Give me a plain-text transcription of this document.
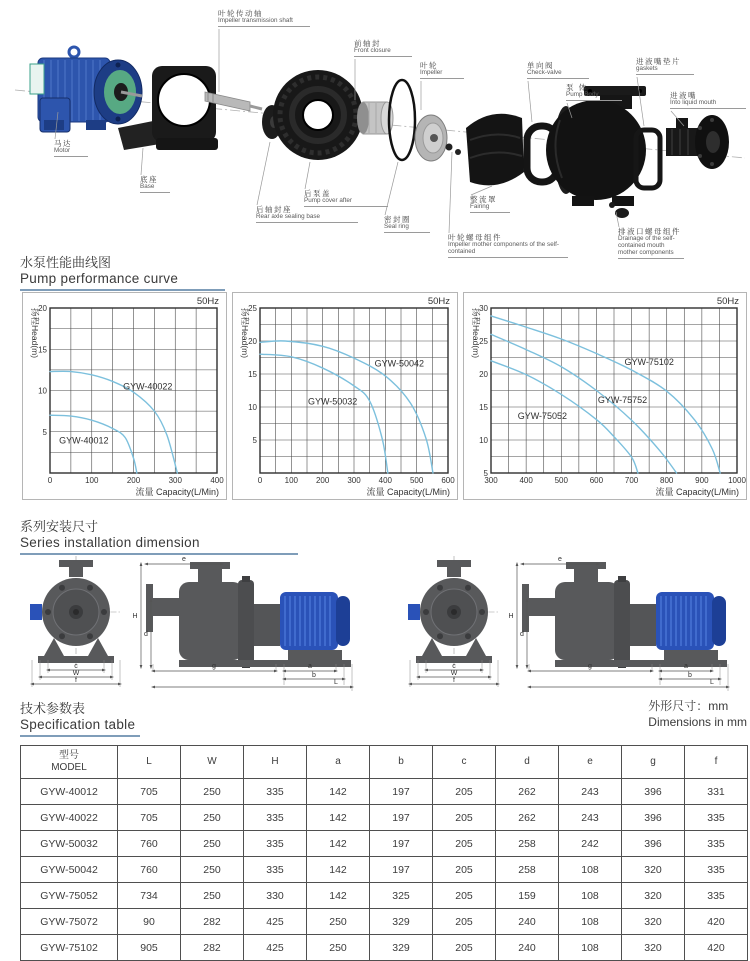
叶轮传动轴
Impeller transmission shaft
前轴封
Front closure
叶轮
Impeller
单向阀
Check-valve
泵 体
Pump Body
进液嘴垫片
gaskets
进液嘴
Into liquid mouth
马达
Motor
底座
Base
后泵盖
Pump cover after
后轴封座
Rear axle sealing base	密封圈
Seal ring
整流罩
Fairing
叶轮螺母组件
Impeller mother components of the self-contained
排液口螺母组件
Drainage of the self-contained mouth mother components
水泵性能曲线图
Pump performance curve
0	100	200	300	400
5
10
15
20
扬程Head(m)
流量 Capacity(L/Min)
50Hz
GYW-40012
GYW-40022
0	100 200 300 400 500 600
5
10
15
20
25
扬程Head(m)
流量 Capacity(L/Min)
50Hz
GYW-50032
GYW-50042
300	400	500	600	700	800	900 1000
5
10
15
20
25
30
扬程Head(m)
流量 Capacity(L/Min)
50Hz
GYW-75052
GYW-75752
GYW-75102
系列安装尺寸
Series installation dimension
c
W
f
e
H
d
g	a
b
L
c
W
f
e
H
d
g	a
b
L
技术参数表
Specification table
外形尺寸：mm
Dimensions in mm
型号
MODEL	L	W	H	a	b	c	d	e	g	f
GYW-40012	705	250	335	142	197	205	262	243	396	331
GYW-40022	705	250	335	142	197	205	262	243	396	335
GYW-50032	760	250	335	142	197	205	258	242	396	335
GYW-50042	760	250	335	142	197	205	258	108	320	335
GYW-75052	734	250	330	142	325	205	159	108	320	335
GYW-75072	90	282	425	250	329	205	240	108	320	420
GYW-75102	905	282	425	250	329	205	240	108	320	420
